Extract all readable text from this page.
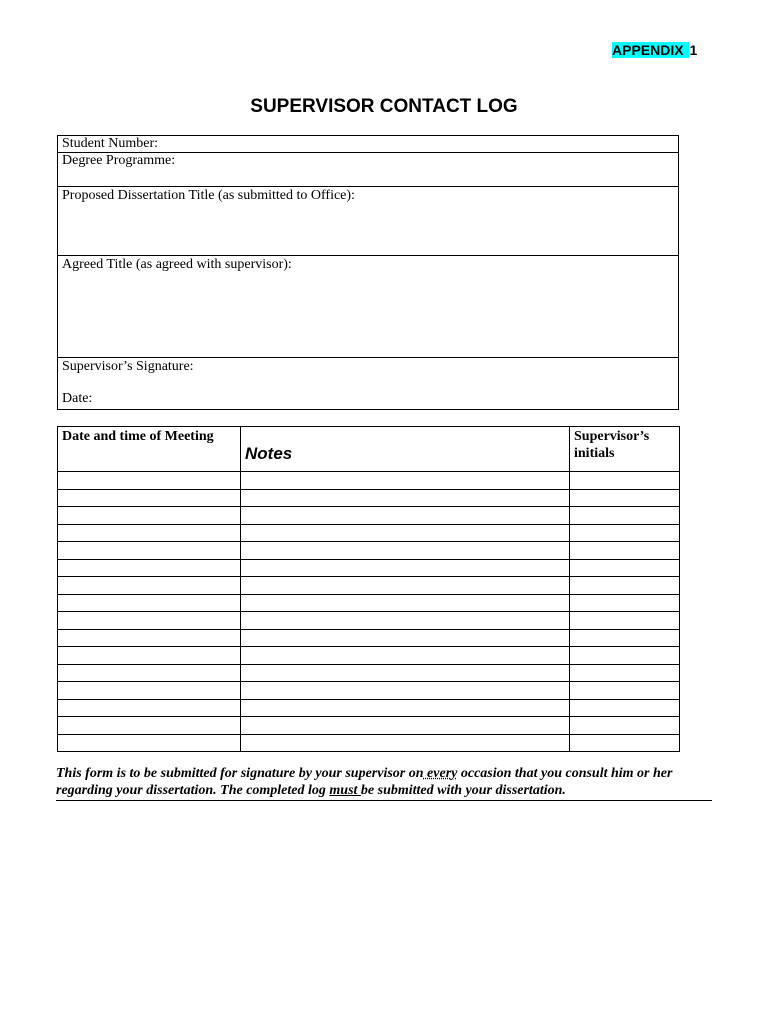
APPENDIX 1
SUPERVISOR CONTACT LOG
Student Number:
Degree Programme:
Proposed Dissertation Title (as submitted to Office):
Agreed Title (as agreed with supervisor):

Supervisor’s Signature:
Date:
Date and time of Meeting	Notes	Supervisor’s initials

This form is to be submitted for signature by your supervisor on every occasion that you consult him or her regarding your dissertation. The completed log must be submitted with your dissertation.
